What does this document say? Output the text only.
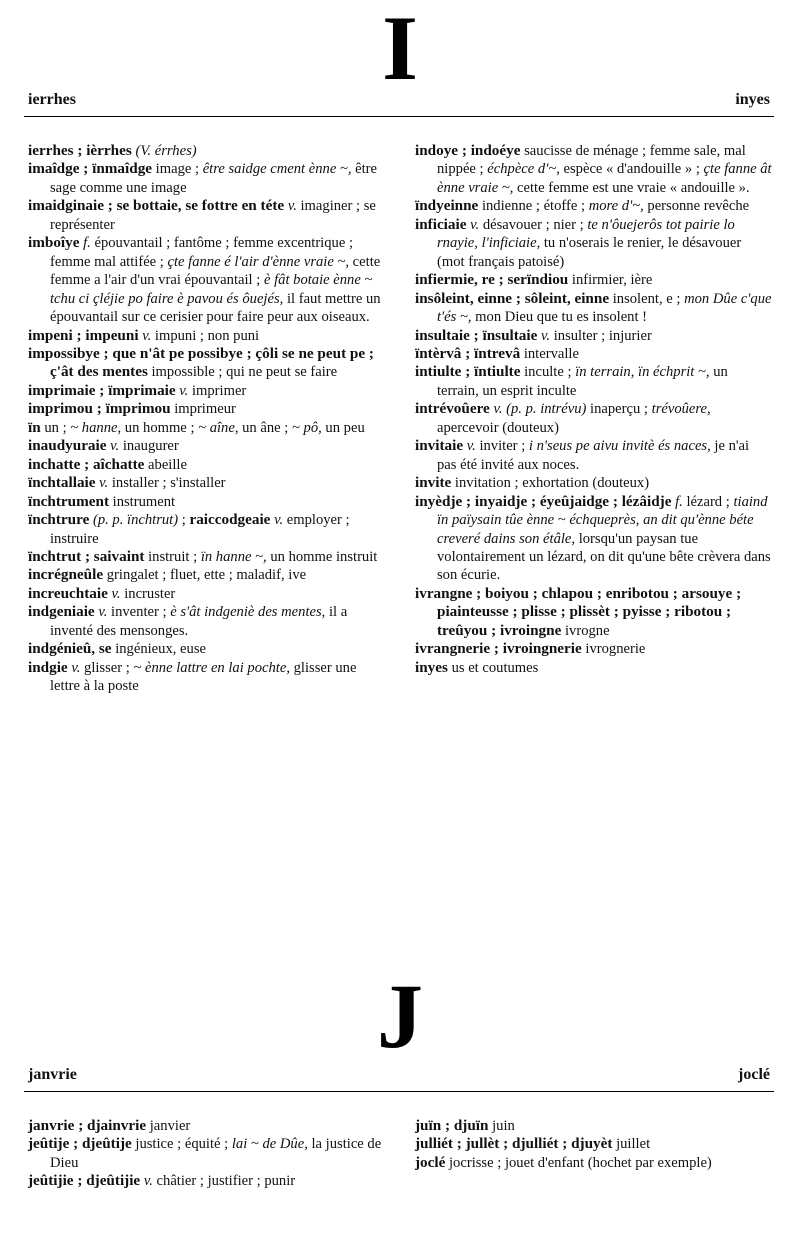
I
ierrhes	inyes

ierrhes ; ièrrhes (V. érrhes)

imaîdge ; ïnmaîdge image ; être saidge cment ènne ~, être sage comme une image

imaidginaie ; se bottaie, se fottre en téte v. imaginer ; se représenter

imboîye f. épouvantail ; fantôme ; femme excentrique ; femme mal attifée ; çte fanne é l'air d'ènne vraie ~, cette femme a l'air d'un vrai épouvantail ; è fât botaie ènne ~ tchu ci çléjie po faire è pavou és ôuejés, il faut mettre un épouvantail sur ce cerisier pour faire peur aux oiseaux.

impeni ; impeuni v. impuni ; non puni

impossibye ; que n'ât pe possibye ; çôli se ne peut pe ; ç'ât des mentes impossible ; qui ne peut se faire

imprimaie ; ïmprimaie v. imprimer

imprimou ; ïmprimou imprimeur

ïn un ; ~ hanne, un homme ; ~ aîne, un âne ; ~ pô, un peu

inaudyuraie v. inaugurer

inchatte ; aîchatte abeille

ïnchtallaie v. installer ; s'installer

ïnchtrument instrument

ïnchtrure (p. p. ïnchtrut) ; raiccodgeaie v. employer ; instruire

ïnchtrut ; saivaint instruit ; ïn hanne ~, un homme instruit

incrégneûle gringalet ; fluet, ette ; maladif, ive

increuchtaie v. incruster

indgeniaie v. inventer ; è s'ât indgeniè des mentes, il a inventé des mensonges.

indgénieû, se ingénieux, euse

indgie v. glisser ; ~ ènne lattre en lai pochte, glisser une lettre à la poste

indoye ; indoéye saucisse de ménage ; femme sale, mal nippée ; échpèce d'~, espèce « d'andouille » ; çte fanne ât ènne vraie ~, cette femme est une vraie « andouille ».

ïndyeinne indienne ; étoffe ; more d'~, personne revêche

inficiaie v. désavouer ; nier ; te n'ôuejerôs tot pairie lo rnayie, l'inficiaie, tu n'oserais le renier, le désavouer (mot français patoisé)

infiermie, re ; serïndiou infirmier, ière

insôleint, einne ; sôleint, einne insolent, e ; mon Dûe c'que t'és ~, mon Dieu que tu es insolent !

insultaie ; ïnsultaie v. insulter ; injurier

ïntèrvâ ; ïntrevâ intervalle

intiulte ; ïntiulte inculte ; ïn terrain, ïn échprit ~, un terrain, un esprit inculte

intrévoûere v. (p. p. intrévu) inaperçu ; trévoûere, apercevoir (douteux)

invitaie v. inviter ; i n'seus pe aivu invitè és naces, je n'ai pas été invité aux noces.

invite invitation ; exhortation (douteux)

inyèdje ; inyaidje ; éyeûjaidge ; lézâidje f. lézard ; tiaind ïn païysain tûe ènne ~ échqueprès, an dit qu'ènne béte creveré dains son étâle, lorsqu'un paysan tue volontairement un lézard, on dit qu'une bête crèvera dans son écurie.

ivrangne ; boiyou ; chlapou ; enribotou ; arsouye ; piainteusse ; plisse ; plissèt ; pyisse ; ribotou ; treûyou ; ivroingne ivrogne

ivrangnerie ; ivroingnerie ivrognerie

inyes us et coutumes

J
janvrie	joclé

janvrie ; djainvrie janvier

jeûtije ; djeûtije justice ; équité ; lai ~ de Dûe, la justice de Dieu

jeûtijie ; djeûtijie v. châtier ; justifier ; punir

juïn ; djuïn juin

julliét ; jullèt ; djulliét ; djuyèt juillet

joclé jocrisse ; jouet d'enfant (hochet par exemple)
